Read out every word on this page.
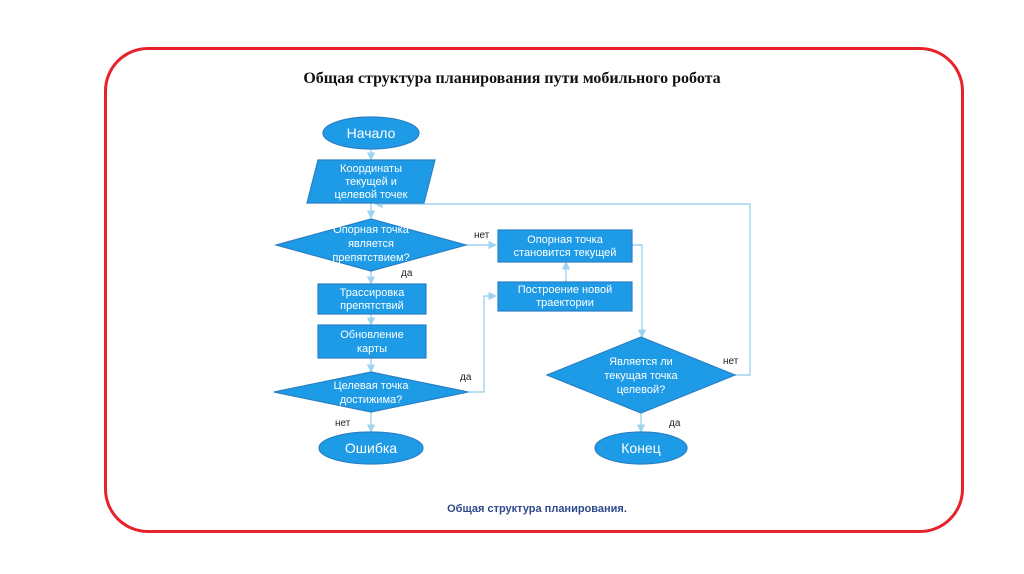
Общая структура планирования пути мобильного робота
Начало
Координаты
текущей и
целевой точек
Опорная точка
является
препятствием?
Трассировка
препятствий
Обновление
карты
Целевая точка
достижима?
Ошибка
Опорная точка
становится текущей
Построение новой
траектории
Является ли
текущая точка
целевой?
Конец
нет
да
да
нет
нет
да
Общая структура планирования.
